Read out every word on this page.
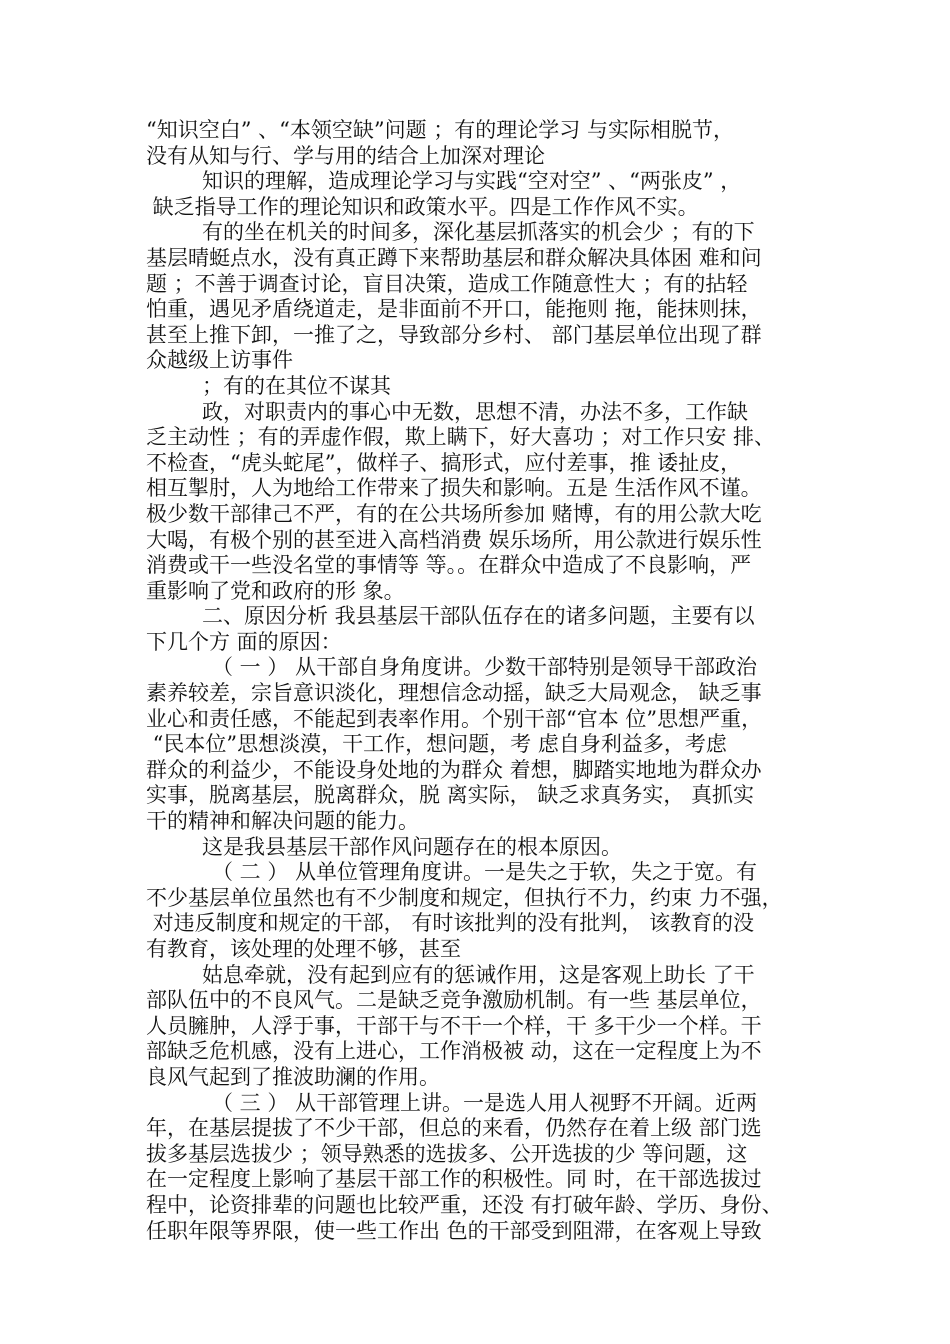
“知识空白” 、“本领空缺”问题 ；有的理论学习 与实际相脱节，
没有从知与行、学与用的结合上加深对理论
知识的理解，造成理论学习与实践“空对空” 、“两张皮” ，
缺乏指导工作的理论知识和政策水平。四是工作作风不实。
有的坐在机关的时间多，深化基层抓落实的机会少 ；有的下
基层晴蜓点水，没有真正蹲下来帮助基层和群众解决具体困 难和问
题 ；不善于调查讨论，盲目决策，造成工作随意性大 ；有的拈轻
怕重，遇见矛盾绕道走，是非面前不开口，能拖则 拖，能抹则抹，
甚至上推下卸，一推了之，导致部分乡村、 部门基层单位出现了群
众越级上访事件
；有的在其位不谋其
政，对职责内的事心中无数，思想不清，办法不多，工作缺
乏主动性 ；有的弄虚作假，欺上瞒下，好大喜功 ；对工作只安 排、
不检查，“虎头蛇尾”，做样子、搞形式，应付差事，推 诿扯皮，
相互掣肘，人为地给工作带来了损失和影响。五是 生活作风不谨。
极少数干部律己不严，有的在公共场所参加 赌博，有的用公款大吃
大喝，有极个别的甚至进入高档消费 娱乐场所，用公款进行娱乐性
消费或干一些没名堂的事情等 等。。在群众中造成了不良影响，严
重影响了党和政府的形 象。
二、原因分析 我县基层干部队伍存在的诸多问题，主要有以
下几个方 面的原因：
（ 一 ） 从干部自身角度讲。少数干部特别是领导干部政治
素养较差，宗旨意识淡化，理想信念动摇，缺乏大局观念， 缺乏事
业心和责任感，不能起到表率作用。个别干部“官本 位”思想严重，
“民本位”思想淡漠，干工作，想问题，考 虑自身利益多，考虑
群众的利益少，不能设身处地的为群众 着想，脚踏实地地为群众办
实事，脱离基层，脱离群众，脱 离实际， 缺乏求真务实， 真抓实
干的精神和解决问题的能力。
这是我县基层干部作风问题存在的根本原因。
（ 二 ） 从单位管理角度讲。一是失之于软，失之于宽。有
不少基层单位虽然也有不少制度和规定，但执行不力，约束 力不强，
对违反制度和规定的干部， 有时该批判的没有批判， 该教育的没
有教育，该处理的处理不够，甚至
姑息牵就，没有起到应有的惩诫作用，这是客观上助长 了干
部队伍中的不良风气。二是缺乏竞争激励机制。有一些 基层单位，
人员臃肿，人浮于事，干部干与不干一个样，干 多干少一个样。干
部缺乏危机感，没有上进心，工作消极被 动，这在一定程度上为不
良风气起到了推波助澜的作用。
（ 三 ） 从干部管理上讲。一是选人用人视野不开阔。近两
年，在基层提拔了不少干部，但总的来看，仍然存在着上级 部门选
拔多基层选拔少 ；领导熟悉的选拔多、公开选拔的少 等问题，这
在一定程度上影响了基层干部工作的积极性。同 时，在干部选拔过
程中，论资排辈的问题也比较严重，还没 有打破年龄、学历、身份、
任职年限等界限，使一些工作出 色的干部受到阻滞，在客观上导致
